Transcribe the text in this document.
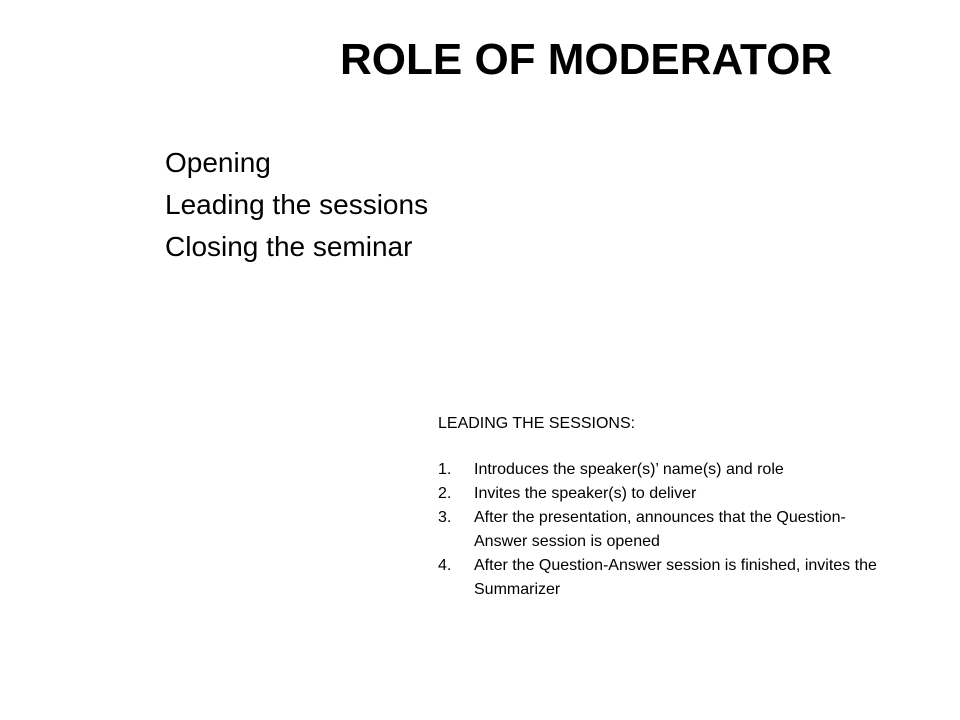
ROLE OF MODERATOR
Opening
Leading the sessions
Closing the seminar
LEADING THE SESSIONS:
1.	Introduces the speaker(s)’ name(s) and role
2.	Invites the speaker(s) to deliver
3.	After the presentation, announces that the Question-Answer session is opened
4.	After the Question-Answer session is finished, invites the Summarizer
